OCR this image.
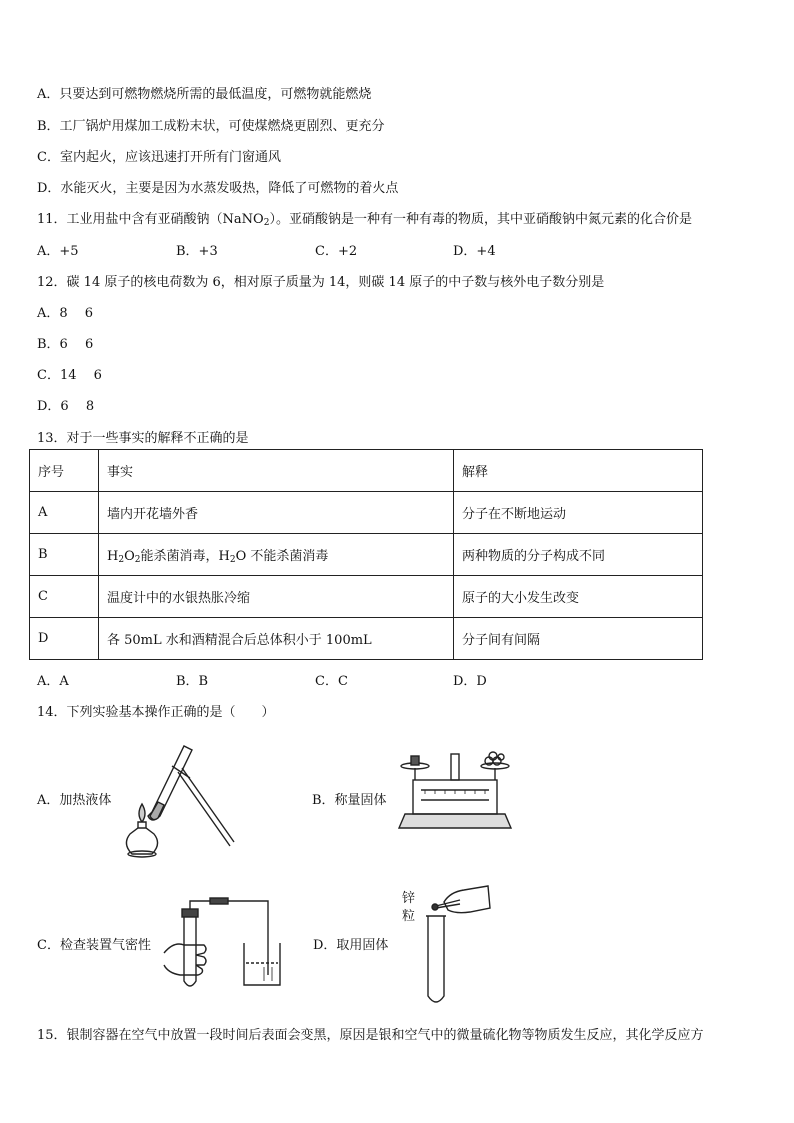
A．只要达到可燃物燃烧所需的最低温度，可燃物就能燃烧
B．工厂锅炉用煤加工成粉末状，可使煤燃烧更剧烈、更充分
C．室内起火，应该迅速打开所有门窗通风
D．水能灭火，主要是因为水蒸发吸热，降低了可燃物的着火点
11．工业用盐中含有亚硝酸钠（NaNO$_2$）。亚硝酸钠是一种有一种有毒的物质，其中亚硝酸钠中氮元素的化合价是
A．+5	B．+3	C．+2	D．+4
12．碳 14 原子的核电荷数为 6，相对原子质量为 14，则碳 14 原子的中子数与核外电子数分别是
A．8　 6
B．6　 6
C．14　 6
D．6　 8
13．对于一些事实的解释不正确的是
序号	事实	解释
A	墙内开花墙外香	分子在不断地运动
B	$H_2O_2$能杀菌消毒，$H_2O$ 不能杀菌消毒	两种物质的分子构成不同
C	温度计中的水银热胀冷缩	原子的大小发生改变
D	各 50mL 水和酒精混合后总体积小于 100mL	分子间有间隔
A．A	B．B	C．C	D．D
14．下列实验基本操作正确的是（　　）
A．加热液体	B．称量固体
C．检查装置气密性	D．取用固体
锌
粒
15．银制容器在空气中放置一段时间后表面会变黑，原因是银和空气中的微量硫化物等物质发生反应，其化学反应方
